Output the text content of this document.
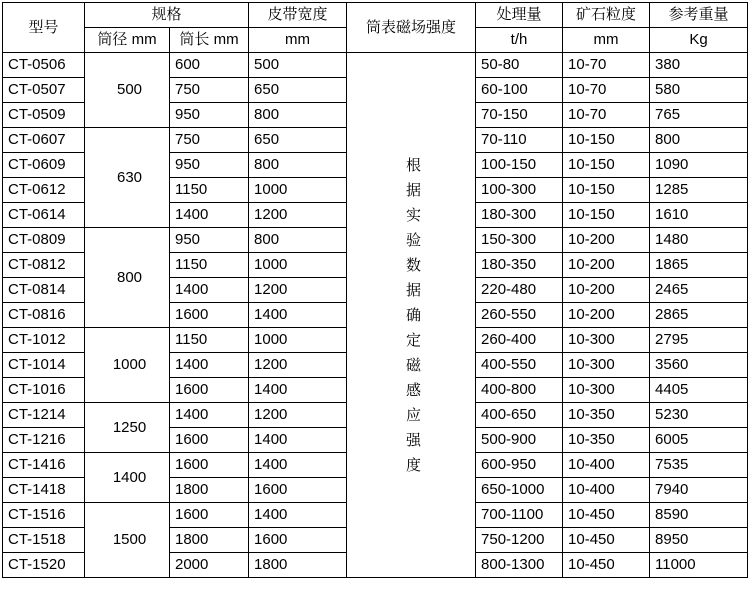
型号	规格		皮带宽度	筒表磁场强度	处理量	矿石粒度	参考重量
	筒径 mm	筒长 mm	mm		t/h	mm	Kg
CT-0506	500	600	500	根据实验数据确定磁感应强度	50-80	10-70	380
CT-0507		750	650		60-100	10-70	580
CT-0509		950	800		70-150	10-70	765
CT-0607	630	750	650		70-110	10-150	800
CT-0609		950	800		100-150	10-150	1090
CT-0612		1150	1000		100-300	10-150	1285
CT-0614		1400	1200		180-300	10-150	1610
CT-0809	800	950	800		150-300	10-200	1480
CT-0812		1150	1000		180-350	10-200	1865
CT-0814		1400	1200		220-480	10-200	2465
CT-0816		1600	1400		260-550	10-200	2865
CT-1012	1000	1150	1000		260-400	10-300	2795
CT-1014		1400	1200		400-550	10-300	3560
CT-1016		1600	1400		400-800	10-300	4405
CT-1214	1250	1400	1200		400-650	10-350	5230
CT-1216		1600	1400		500-900	10-350	6005
CT-1416	1400	1600	1400		600-950	10-400	7535
CT-1418		1800	1600		650-1000	10-400	7940
CT-1516	1500	1600	1400		700-1100	10-450	8590
CT-1518		1800	1600		750-1200	10-450	8950
CT-1520		2000	1800		800-1300	10-450	11000
